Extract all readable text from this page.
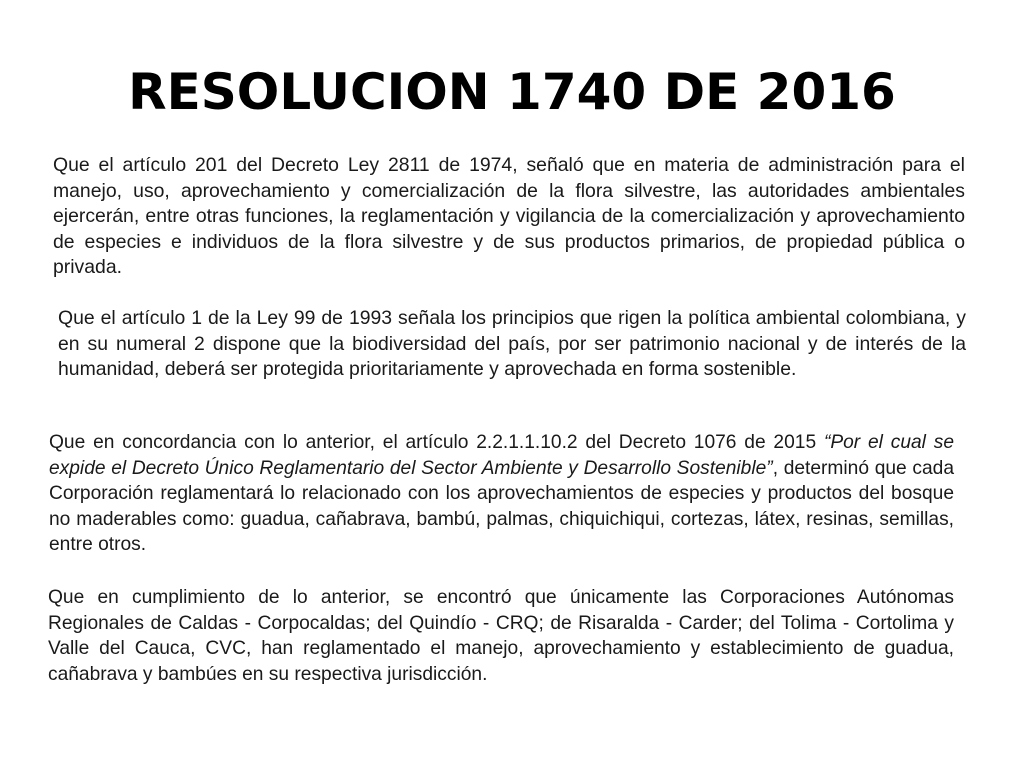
RESOLUCION 1740 DE 2016

Que el artículo 201 del Decreto Ley 2811 de 1974, señaló que en materia de administración para el manejo, uso, aprovechamiento y comercialización de la flora silvestre, las autoridades ambientales ejercerán, entre otras funciones, la reglamentación y vigilancia de la comercialización y aprovechamiento de especies e individuos de la flora silvestre y de sus productos primarios, de propiedad pública o privada.

Que el artículo 1 de la Ley 99 de 1993 señala los principios que rigen la política ambiental colombiana, y en su numeral 2 dispone que la biodiversidad del país, por ser patrimonio nacional y de interés de la humanidad, deberá ser protegida prioritariamente y aprovechada en forma sostenible.

Que en concordancia con lo anterior, el artículo 2.2.1.1.10.2 del Decreto 1076 de 2015 “Por el cual se expide el Decreto Único Reglamentario del Sector Ambiente y Desarrollo Sostenible”, determinó que cada Corporación reglamentará lo relacionado con los aprovechamientos de especies y productos del bosque no maderables como: guadua, cañabrava, bambú, palmas, chiquichiqui, cortezas, látex, resinas, semillas, entre otros.

Que en cumplimiento de lo anterior, se encontró que únicamente las Corporaciones Autónomas Regionales de Caldas - Corpocaldas; del Quindío - CRQ; de Risaralda - Carder; del Tolima - Cortolima y Valle del Cauca, CVC, han reglamentado el manejo, aprovechamiento y establecimiento de guadua, cañabrava y bambúes en su respectiva jurisdicción.
